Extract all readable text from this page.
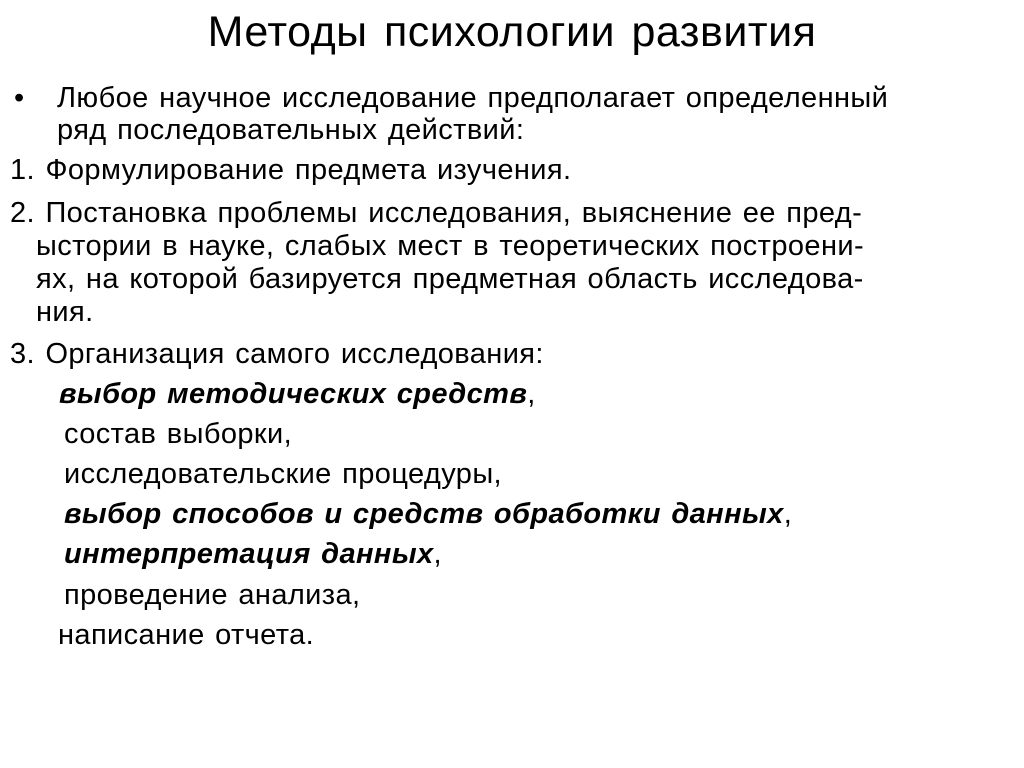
Методы психологии развития
• Любое научное исследование предполагает определенный
ряд последовательных действий:
1. Формулирование предмета изучения.
2. Постановка проблемы исследования, выяснение ее пред-
ыстории в науке, слабых мест в теоретических построени-
ях, на которой базируется предметная область исследова-
ния.
3. Организация самого исследования:
выбор методических средств,
состав выборки,
исследовательские процедуры,
выбор способов и средств обработки данных,
интерпретация данных,
проведение анализа,
написание отчета.
